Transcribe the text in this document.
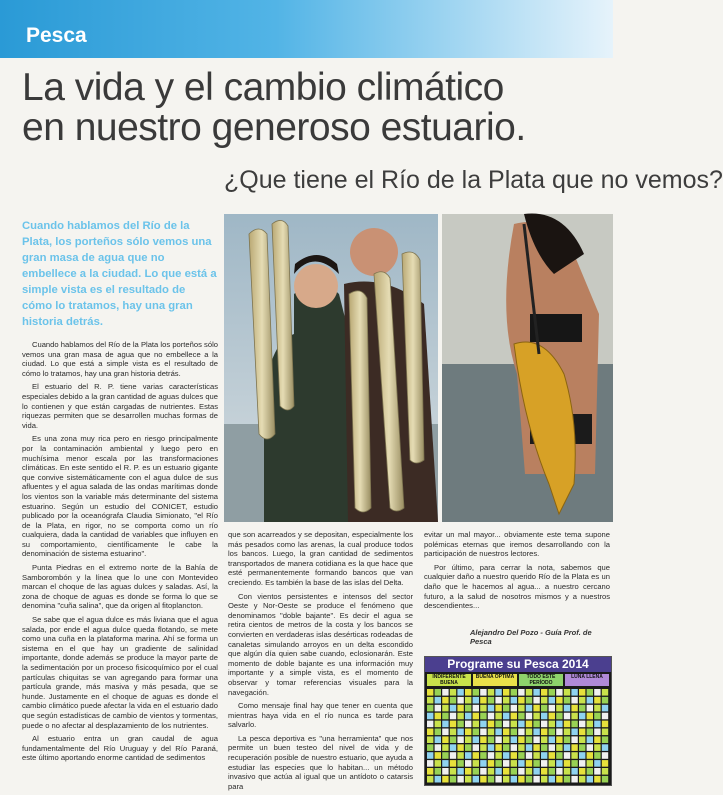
Pesca
La vida y el cambio climático
en nuestro generoso estuario.
¿Que tiene el Río de la Plata que no vemos?
Cuando hablamos del Río de la Plata, los porteños sólo vemos una gran masa de agua que no embellece a la ciudad. Lo que está a simple vista es el resultado de cómo lo tratamos, hay una gran historia detrás.

Cuando hablamos del Río de la Plata los porteños sólo vemos una gran masa de agua que no embellece a la ciudad. Lo que está a simple vista es el resultado de cómo lo tratamos, hay una gran historia detrás.

El estuario del R. P. tiene varias características especiales debido a la gran cantidad de aguas dulces que lo contienen y que están cargadas de nutrientes. Estas riquezas permiten que se desarrollen muchas formas de vida.

Es una zona muy rica pero en riesgo principalmente por la contaminación ambiental y luego pero en muchísima menor escala por las transformaciones climáticas. En este sentido el R. P. es un estuario gigante que convive sistemáticamente con el agua dulce de sus afluentes y el agua salada de las ondas marítimas donde los vientos son la variable más determinante del sistema estuarino. Según un estudio del CONICET, estudio publicado por la oceanógrafa Claudia Simionato, "el Río de la Plata, en rigor, no se comporta como un río cualquiera, dada la cantidad de variables que influyen en su comportamiento, científicamente le cabe la denominación de sistema estuarino".

Punta Piedras en el extremo norte de la Bahía de Samborombón y la línea que lo une con Montevideo marcan el choque de las aguas dulces y saladas. Así, la zona de choque de aguas es donde se forma lo que se denomina "cuña salina", que da origen al fitoplancton.

Se sabe que el agua dulce es más liviana que el agua salada, por ende el agua dulce queda flotando, se mete como una cuña en la plataforma marina. Ahí se forma un sistema en el que hay un gradiente de salinidad importante, donde además se produce la mayor parte de la sedimentación por un proceso fisicoquímico por el cual partículas chiquitas se van agregando para formar una partícula grande, más masiva y más pesada, que se hunde. Justamente en el choque de aguas es donde el cambio climático puede afectar la vida en el estuario dado que según estadísticas de cambio de vientos y tormentas, puede o no afectar al desplazamiento de los nutrientes.

Al estuario entra un gran caudal de agua fundamentalmente del Río Uruguay y del Río Paraná, este último aportando enorme cantidad de sedimentos

que son acarreados y se depositan, especialmente los más pesados como las arenas, la cual produce todos los bancos. Luego, la gran cantidad de sedimentos transportados de manera cotidiana es la que hace que esté permanentemente formando bancos que van creciendo. Es también la base de las islas del Delta.

Con vientos persistentes e intensos del sector Oeste y Nor-Oeste se produce el fenómeno que denominamos "doble bajante". Es decir el agua se retira cientos de metros de la costa y los bancos se convierten en verdaderas islas desérticas rodeadas de canaletas simulando arroyos en un delta escondido que algún día quien sabe cuando, eclosionarán. Este momento de doble bajante es una información muy importante y a simple vista, es el momento de observar y tomar referencias visuales para la navegación.

Como mensaje final hay que tener en cuenta que mientras haya vida en el río nunca es tarde para salvarlo.

La pesca deportiva es "una herramienta" que nos permite un buen testeo del nivel de vida y de recuperación posible de nuestro estuario, que ayuda a estudiar las especies que lo habitan... un método invasivo que actúa al igual que un antídoto o catarsis para

evitar un mal mayor... obviamente este tema supone polémicas eternas que iremos desarrollando con la participación de nuestros lectores.

Por último, para cerrar la nota, sabemos que cualquier daño a nuestro querido Río de la Plata es un daño que le hacemos al agua... a nuestro cercano futuro, a la salud de nosotros mismos y a nuestros descendientes...

Alejandro Del Pozo - Guía Prof. de Pesca
Programe su Pesca 2014
INDIFERENTE BUENA
BUENA ÓPTIMA	TODO ESTE PERÍODO
LUNA LLENA
